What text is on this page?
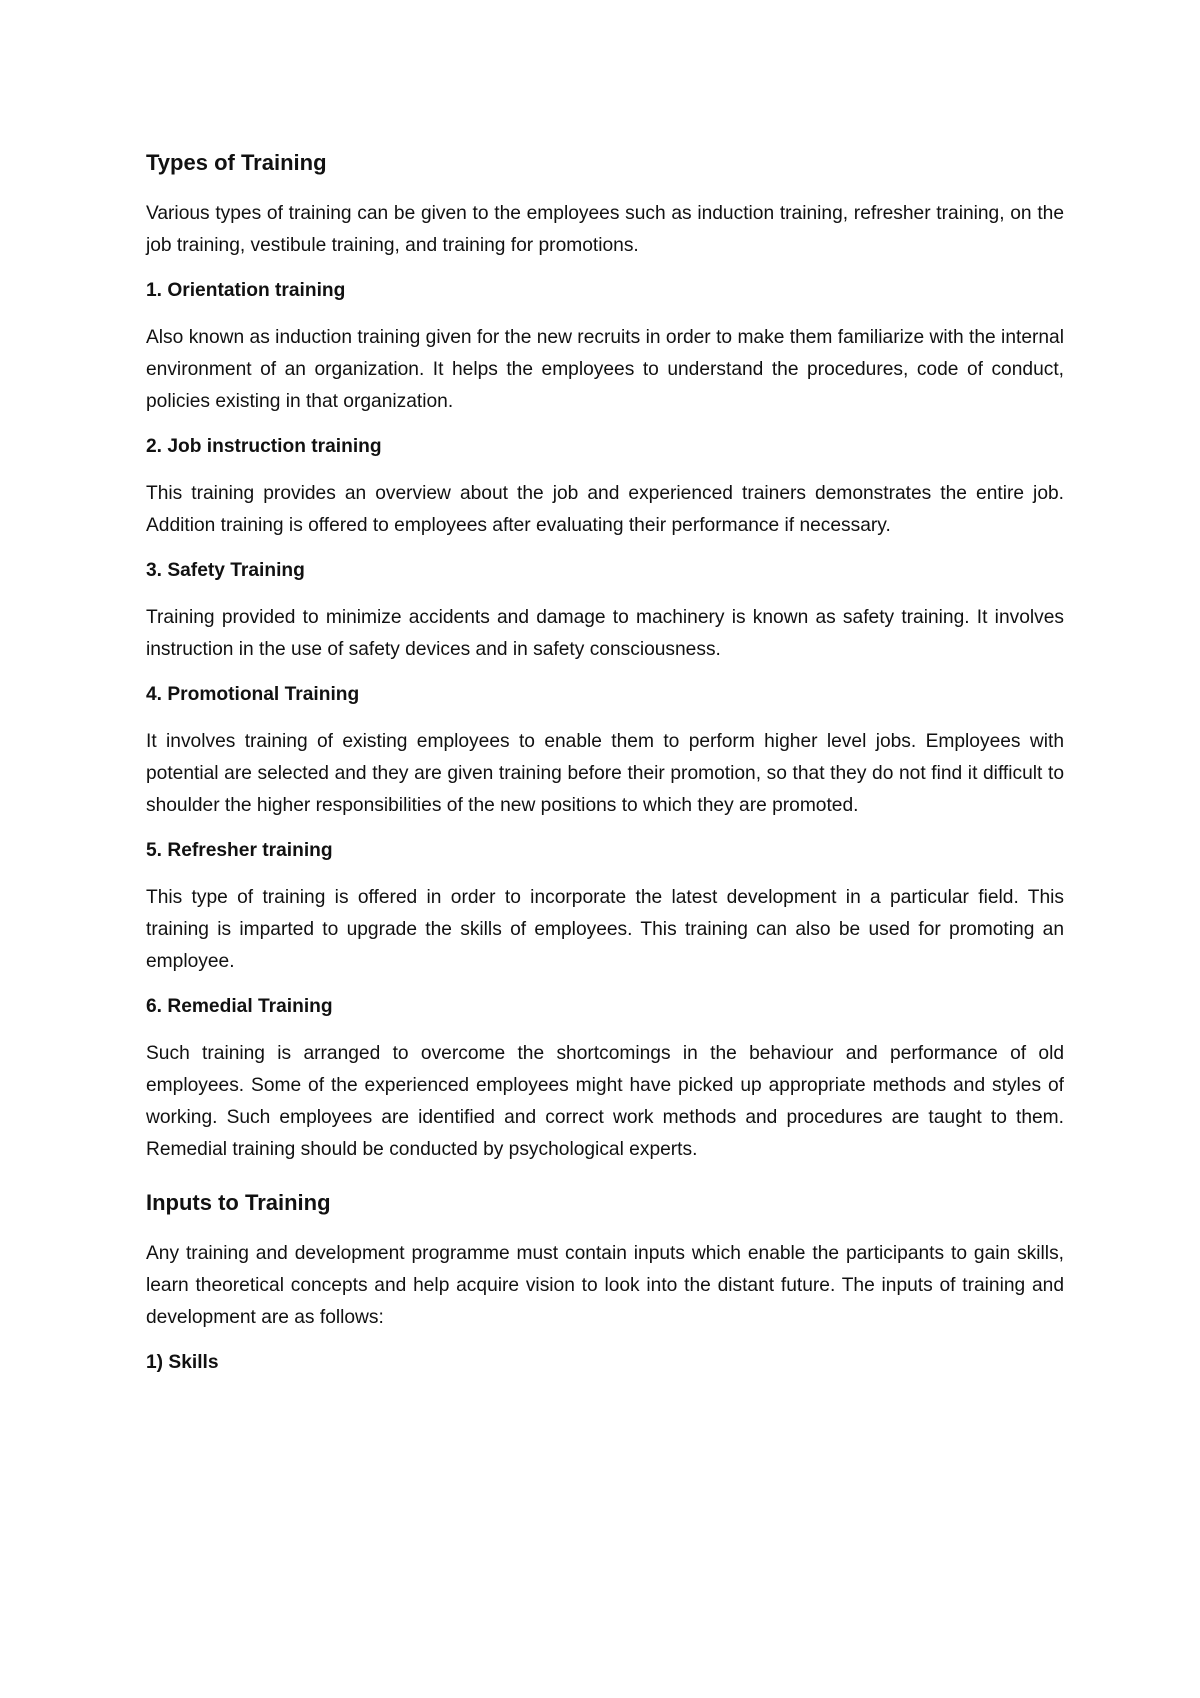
Types of Training

Various types of training can be given to the employees such as induction training, refresher training, on the job training, vestibule training, and training for promotions.

1. Orientation training

Also known as induction training given for the new recruits in order to make them familiarize with the internal environment of an organization. It helps the employees to understand the procedures, code of conduct, policies existing in that organization.

2. Job instruction training

This training provides an overview about the job and experienced trainers demonstrates the entire job. Addition training is offered to employees after evaluating their performance if necessary.

3. Safety Training

Training provided to minimize accidents and damage to machinery is known as safety training. It involves instruction in the use of safety devices and in safety consciousness.

4. Promotional Training

It involves training of existing employees to enable them to perform higher level jobs. Employees with potential are selected and they are given training before their promotion, so that they do not find it difficult to shoulder the higher responsibilities of the new positions to which they are promoted.

5. Refresher training

This type of training is offered in order to incorporate the latest development in a particular field. This training is imparted to upgrade the skills of employees. This training can also be used for promoting an employee.

6. Remedial Training

Such training is arranged to overcome the shortcomings in the behaviour and performance of old employees. Some of the experienced employees might have picked up appropriate methods and styles of working. Such employees are identified and correct work methods and procedures are taught to them. Remedial training should be conducted by psychological experts.

Inputs to Training

Any training and development programme must contain inputs which enable the participants to gain skills, learn theoretical concepts and help acquire vision to look into the distant future. The inputs of training and development are as follows:

1) Skills
